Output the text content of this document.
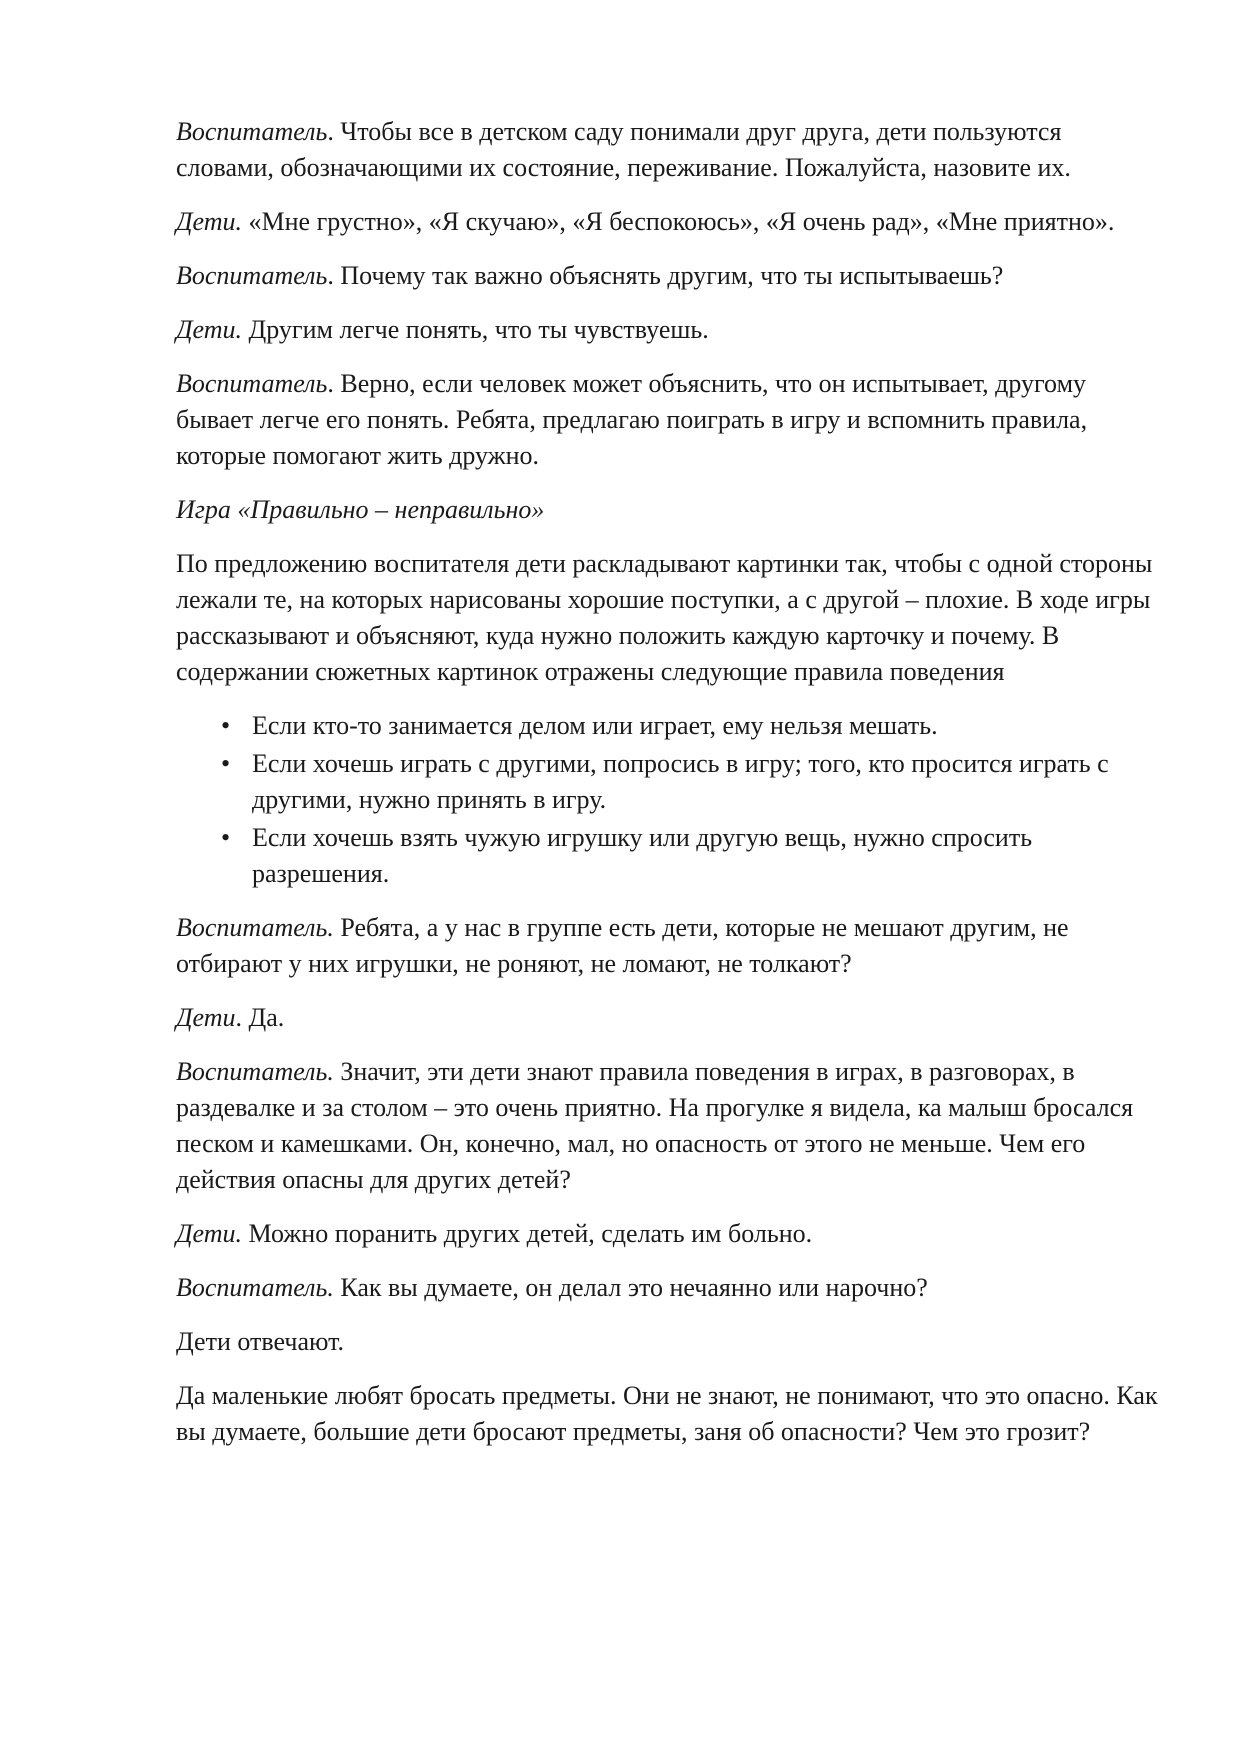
Воспитатель. Чтобы все в детском саду понимали друг друга, дети пользуются словами, обозначающими их состояние, переживание. Пожалуйста, назовите их.

Дети. «Мне грустно», «Я скучаю», «Я беспокоюсь», «Я очень рад», «Мне приятно».

Воспитатель. Почему так важно объяснять другим, что ты испытываешь?

Дети. Другим легче понять, что ты чувствуешь.

Воспитатель. Верно, если человек может объяснить, что он испытывает, другому бывает легче его понять. Ребята, предлагаю поиграть в игру и вспомнить правила, которые помогают жить дружно.

Игра «Правильно – неправильно»

По предложению воспитателя дети раскладывают картинки так, чтобы с одной стороны лежали те, на которых нарисованы хорошие поступки, а с другой – плохие. В ходе игры рассказывают и объясняют, куда нужно положить каждую карточку и почему. В содержании сюжетных картинок отражены следующие правила поведения

• Если кто-то занимается делом или играет, ему нельзя мешать.
• Если хочешь играть с другими, попросись в игру; того, кто просится играть с другими, нужно принять в игру.
• Если хочешь взять чужую игрушку или другую вещь, нужно спросить разрешения.

Воспитатель. Ребята, а у нас в группе есть дети, которые не мешают другим, не отбирают у них игрушки, не роняют, не ломают, не толкают?

Дети. Да.

Воспитатель. Значит, эти дети знают правила поведения в играх, в разговорах, в раздевалке и за столом – это очень приятно. На прогулке я видела, ка малыш бросался песком и камешками. Он, конечно, мал, но опасность от этого не меньше. Чем его действия опасны для других детей?

Дети. Можно поранить других детей, сделать им больно.

Воспитатель. Как вы думаете, он делал это нечаянно или нарочно?

Дети отвечают.

Да маленькие любят бросать предметы. Они не знают, не понимают, что это опасно. Как вы думаете, большие дети бросают предметы, заня об опасности? Чем это грозит?
